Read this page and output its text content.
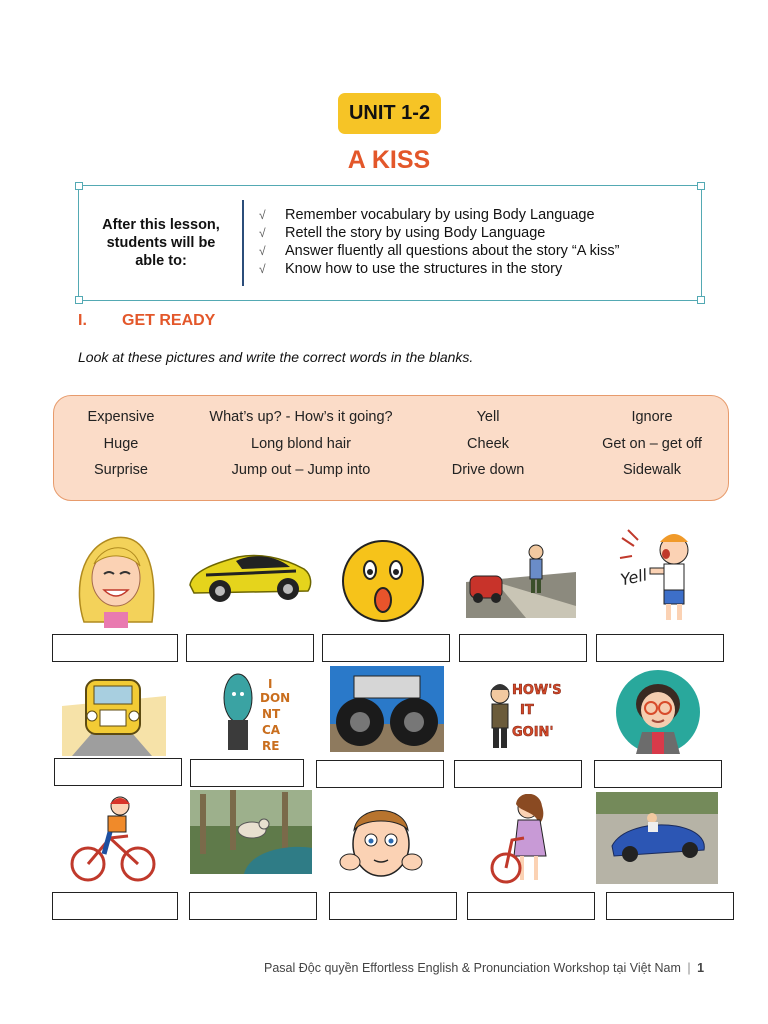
UNIT 1-2
A KISS
After this lesson, students will be able to:
√	Remember vocabulary by using Body Language
√	Retell the story by using Body Language
√	Answer fluently all questions about the story “A kiss”
√	Know how to use the structures in the story
I. GET READY
Look at these pictures and write the correct words in the blanks.
Expensive	What’s up? - How’s it going?	Yell	Ignore
Huge	Long blond hair	Cheek	Get on – get off
Surprise	Jump out – Jump into	Drive down	Sidewalk
Yell
I
DON
NT
CA
RE
HOW'S
IT
GOIN'
Pasal Độc quyền Effortless English & Pronunciation Workshop tại Việt Nam | 1
